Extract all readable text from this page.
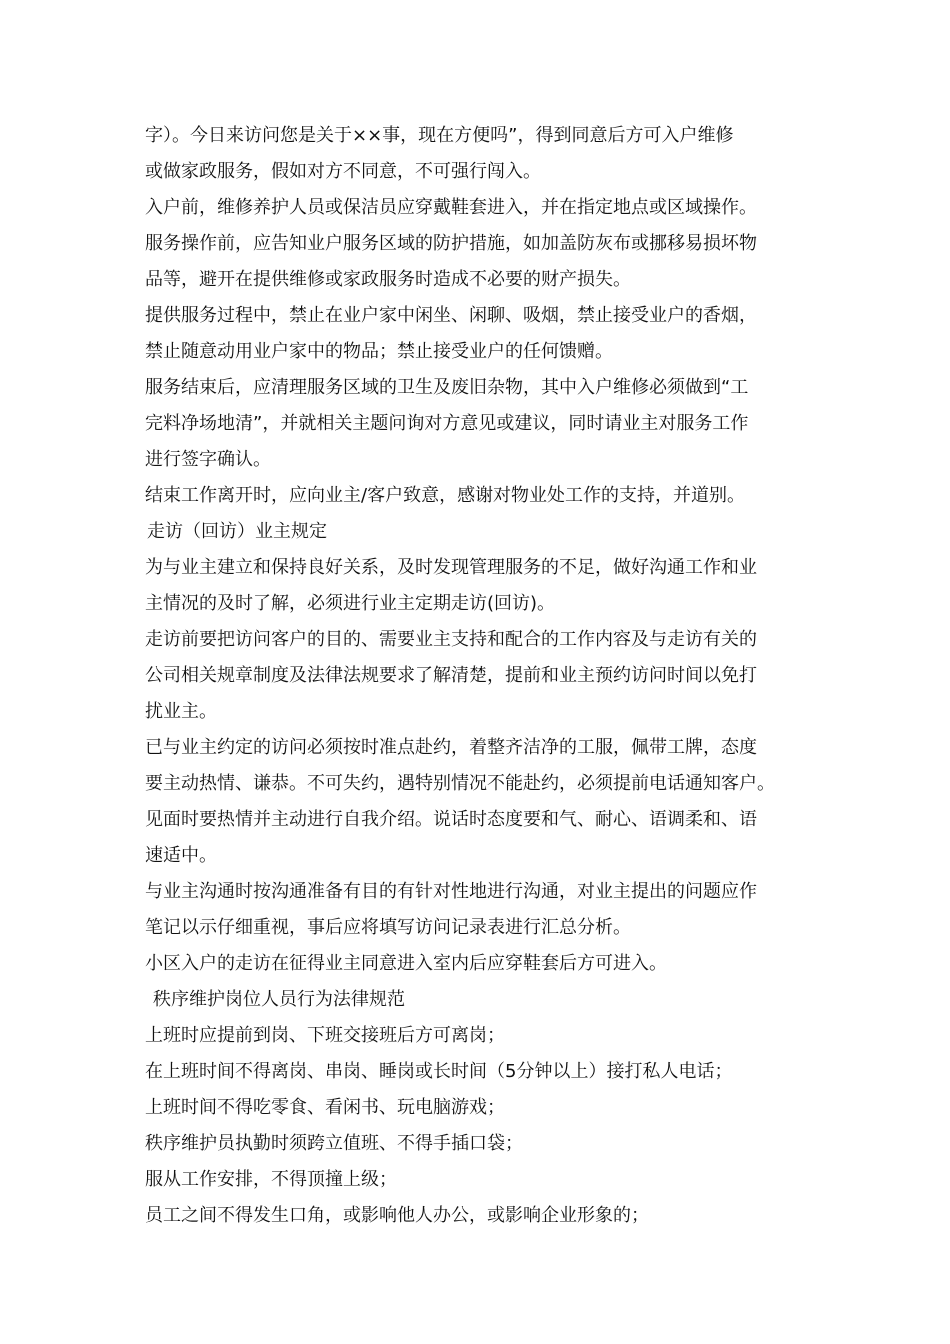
字）。今日来访问您是关于××事，现在方便吗”，得到同意后方可入户维修
或做家政服务，假如对方不同意，不可强行闯入。
入户前，维修养护人员或保洁员应穿戴鞋套进入，并在指定地点或区域操作。
服务操作前，应告知业户服务区域的防护措施，如加盖防灰布或挪移易损坏物
品等，避开在提供维修或家政服务时造成不必要的财产损失。
提供服务过程中，禁止在业户家中闲坐、闲聊、吸烟，禁止接受业户的香烟，
禁止随意动用业户家中的物品；禁止接受业户的任何馈赠。
服务结束后，应清理服务区域的卫生及废旧杂物，其中入户维修必须做到“工
完料净场地清”，并就相关主题问询对方意见或建议，同时请业主对服务工作
进行签字确认。
结束工作离开时，应向业主/客户致意，感谢对物业处工作的支持，并道别。
走访（回访）业主规定
为与业主建立和保持良好关系，及时发现管理服务的不足，做好沟通工作和业
主情况的及时了解，必须进行业主定期走访(回访)。
走访前要把访问客户的目的、需要业主支持和配合的工作内容及与走访有关的
公司相关规章制度及法律法规要求了解清楚，提前和业主预约访问时间以免打
扰业主。
已与业主约定的访问必须按时准点赴约，着整齐洁净的工服，佩带工牌，态度
要主动热情、谦恭。不可失约，遇特别情况不能赴约，必须提前电话通知客户。
见面时要热情并主动进行自我介绍。说话时态度要和气、耐心、语调柔和、语
速适中。
与业主沟通时按沟通准备有目的有针对性地进行沟通，对业主提出的问题应作
笔记以示仔细重视，事后应将填写访问记录表进行汇总分析。
小区入户的走访在征得业主同意进入室内后应穿鞋套后方可进入。
秩序维护岗位人员行为法律规范
上班时应提前到岗、下班交接班后方可离岗；
在上班时间不得离岗、串岗、睡岗或长时间（5分钟以上）接打私人电话；
上班时间不得吃零食、看闲书、玩电脑游戏；
秩序维护员执勤时须跨立值班、不得手插口袋；
服从工作安排，不得顶撞上级；
员工之间不得发生口角，或影响他人办公，或影响企业形象的；
